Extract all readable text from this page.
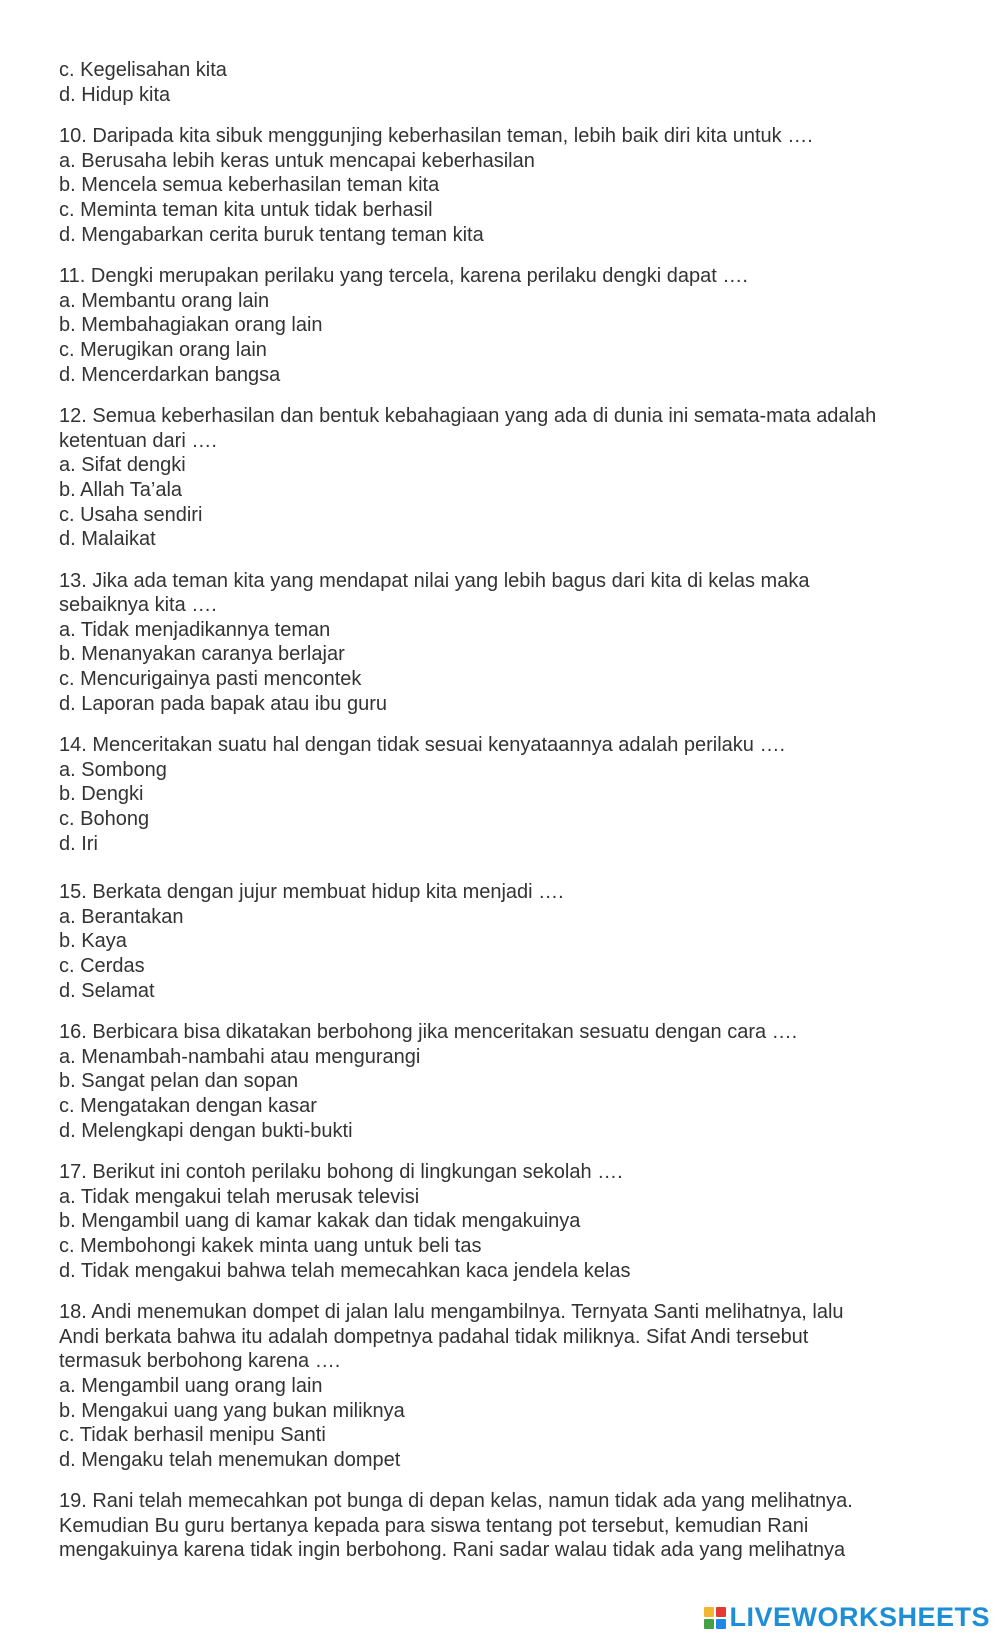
c. Kegelisahan kita
d. Hidup kita
10. Daripada kita sibuk menggunjing keberhasilan teman, lebih baik diri kita untuk ….
a. Berusaha lebih keras untuk mencapai keberhasilan
b. Mencela semua keberhasilan teman kita
c. Meminta teman kita untuk tidak berhasil
d. Mengabarkan cerita buruk tentang teman kita
11. Dengki merupakan perilaku yang tercela, karena perilaku dengki dapat ….
a. Membantu orang lain
b. Membahagiakan orang lain
c. Merugikan orang lain
d. Mencerdarkan bangsa
12. Semua keberhasilan dan bentuk kebahagiaan yang ada di dunia ini semata-mata adalah
ketentuan dari ….
a. Sifat dengki
b. Allah Ta’ala
c. Usaha sendiri
d. Malaikat
13. Jika ada teman kita yang mendapat nilai yang lebih bagus dari kita di kelas maka
sebaiknya kita ….
a. Tidak menjadikannya teman
b. Menanyakan caranya berlajar
c. Mencurigainya pasti mencontek
d. Laporan pada bapak atau ibu guru
14. Menceritakan suatu hal dengan tidak sesuai kenyataannya adalah perilaku ….
a. Sombong
b. Dengki
c. Bohong
d. Iri
15. Berkata dengan jujur membuat hidup kita menjadi ….
a. Berantakan
b. Kaya
c. Cerdas
d. Selamat
16. Berbicara bisa dikatakan berbohong jika menceritakan sesuatu dengan cara ….
a. Menambah-nambahi atau mengurangi
b. Sangat pelan dan sopan
c. Mengatakan dengan kasar
d. Melengkapi dengan bukti-bukti
17. Berikut ini contoh perilaku bohong di lingkungan sekolah ….
a. Tidak mengakui telah merusak televisi
b. Mengambil uang di kamar kakak dan tidak mengakuinya
c. Membohongi kakek minta uang untuk beli tas
d. Tidak mengakui bahwa telah memecahkan kaca jendela kelas
18. Andi menemukan dompet di jalan lalu mengambilnya. Ternyata Santi melihatnya, lalu
Andi berkata bahwa itu adalah dompetnya padahal tidak miliknya. Sifat Andi tersebut
termasuk berbohong karena ….
a. Mengambil uang orang lain
b. Mengakui uang yang bukan miliknya
c. Tidak berhasil menipu Santi
d. Mengaku telah menemukan dompet
19. Rani telah memecahkan pot bunga di depan kelas, namun tidak ada yang melihatnya.
Kemudian Bu guru bertanya kepada para siswa tentang pot tersebut, kemudian Rani
mengakuinya karena tidak ingin berbohong. Rani sadar walau tidak ada yang melihatnya
LIVEWORKSHEETS
